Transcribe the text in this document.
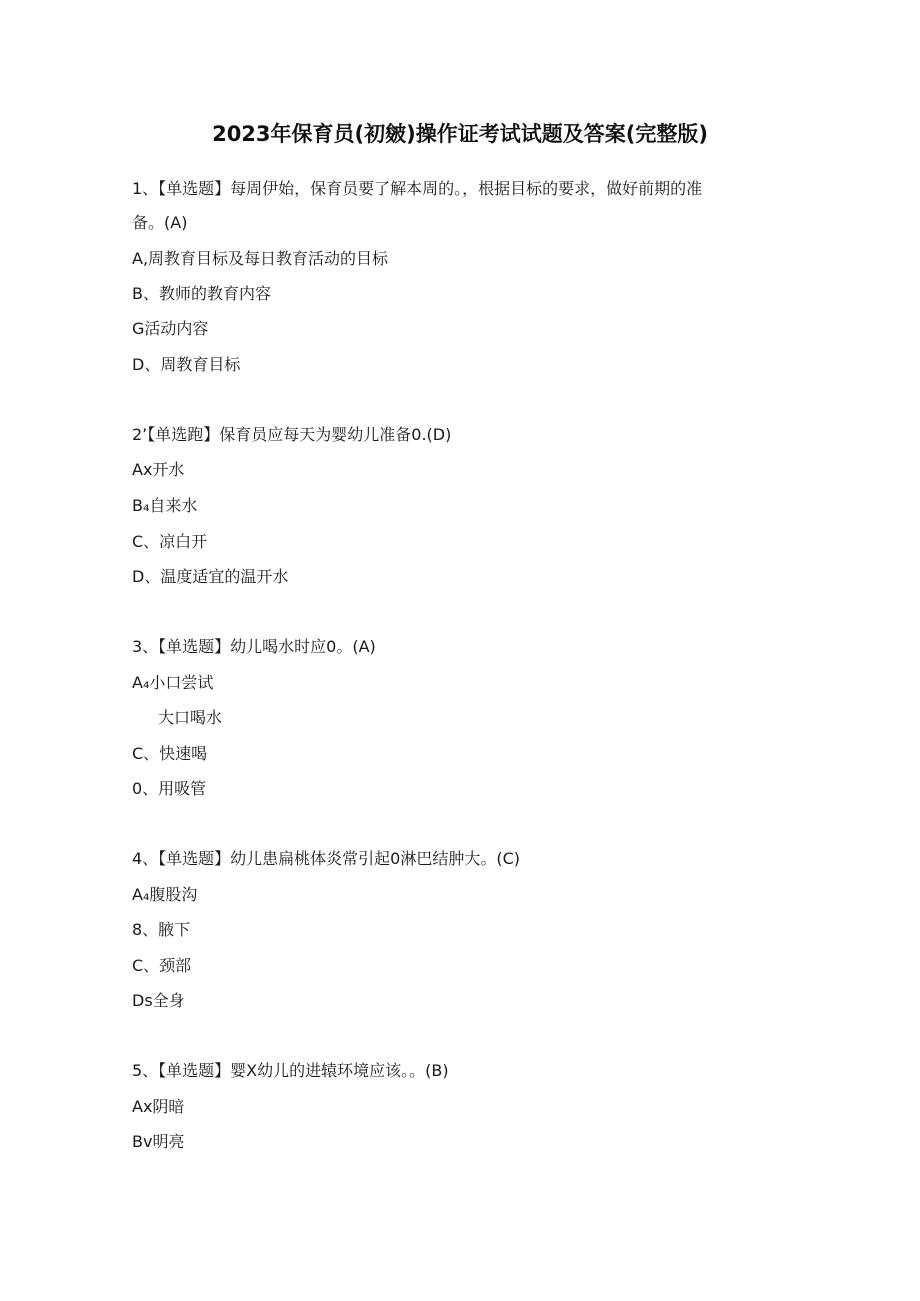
2023年保育员(初皴)操作证考试试题及答案(完整版)
1、【单选题】每周伊始，保育员要了解本周的。，根据目标的要求，做好前期的准
备。(A)
A,周教育目标及每日教育活动的目标
B、教师的教育内容
G活动内容
D、周教育目标
2’【单选跑】保育员应每天为婴幼儿准备0.(D)
Ax开水
B₄自来水
C、凉白开
D、温度适宜的温开水
3、【单选题】幼儿喝水时应0。(A)
A₄小口尝试
大口喝水
C、快速喝
0、用吸管
4、【单选题】幼儿患扁桃体炎常引起0淋巴结肿大。(C)
A₄腹股沟
8、腋下
C、颈部
Ds全身
5、【单选题】婴X幼儿的进辕环境应该。。(B)
Ax阴暗
Bv明亮
